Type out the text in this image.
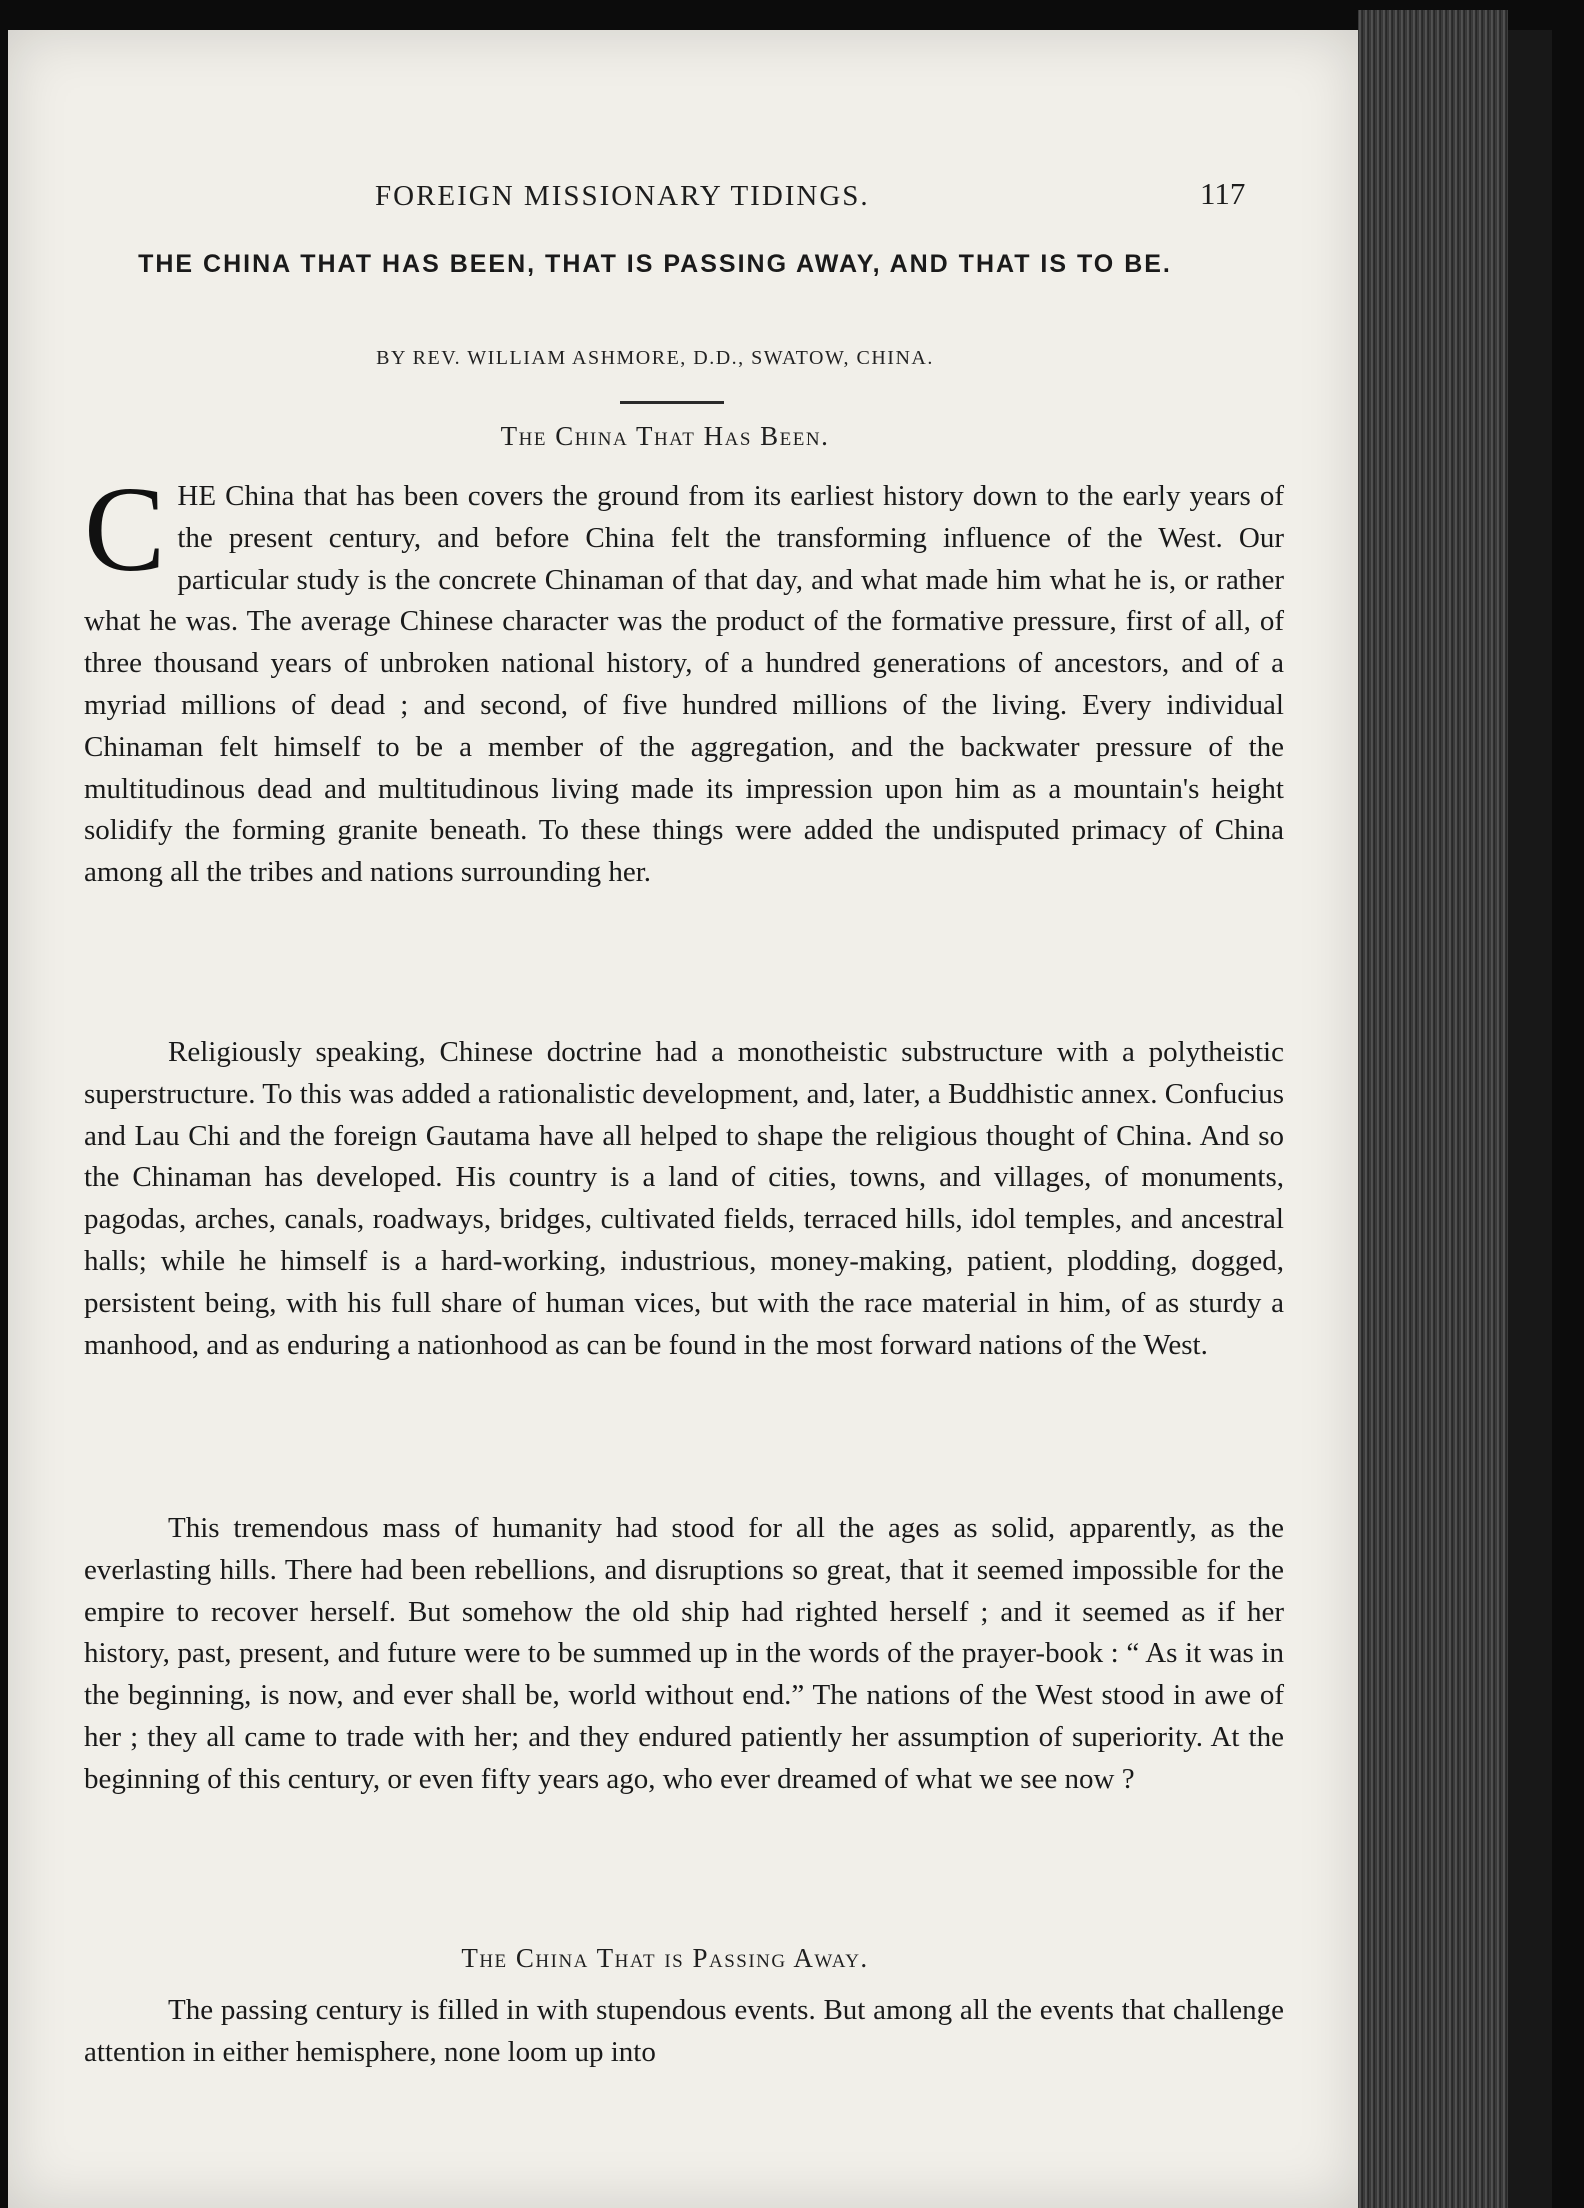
FOREIGN MISSIONARY TIDINGS.	117
THE CHINA THAT HAS BEEN, THAT IS PASSING AWAY, AND THAT IS TO BE.
BY REV. WILLIAM ASHMORE, D.D., SWATOW, CHINA.
The China That Has Been.
CHE China that has been covers the ground from its earliest history down to the early years of the present century, and before China felt the transforming influence of the West. Our particular study is the concrete Chinaman of that day, and what made him what he is, or rather what he was. The average Chinese character was the product of the formative pressure, first of all, of three thousand years of unbroken national history, of a hundred generations of ancestors, and of a myriad millions of dead ; and second, of five hundred millions of the living. Every individual Chinaman felt himself to be a member of the aggregation, and the backwater pressure of the multitudinous dead and multitudinous living made its impression upon him as a mountain's height solidify the forming granite beneath. To these things were added the undisputed primacy of China among all the tribes and nations surrounding her.
Religiously speaking, Chinese doctrine had a monotheistic substructure with a polytheistic superstructure. To this was added a rationalistic development, and, later, a Buddhistic annex. Confucius and Lau Chi and the foreign Gautama have all helped to shape the religious thought of China. And so the Chinaman has developed. His country is a land of cities, towns, and villages, of monuments, pagodas, arches, canals, roadways, bridges, cultivated fields, terraced hills, idol temples, and ancestral halls; while he himself is a hard-working, industrious, money-making, patient, plodding, dogged, persistent being, with his full share of human vices, but with the race material in him, of as sturdy a manhood, and as enduring a nationhood as can be found in the most forward nations of the West.
This tremendous mass of humanity had stood for all the ages as solid, apparently, as the everlasting hills. There had been rebellions, and disruptions so great, that it seemed impossible for the empire to recover herself. But somehow the old ship had righted herself ; and it seemed as if her history, past, present, and future were to be summed up in the words of the prayer-book : “ As it was in the beginning, is now, and ever shall be, world without end.” The nations of the West stood in awe of her ; they all came to trade with her; and they endured patiently her assumption of superiority. At the beginning of this century, or even fifty years ago, who ever dreamed of what we see now ?
The China That is Passing Away.
The passing century is filled in with stupendous events. But among all the events that challenge attention in either hemisphere, none loom up into
